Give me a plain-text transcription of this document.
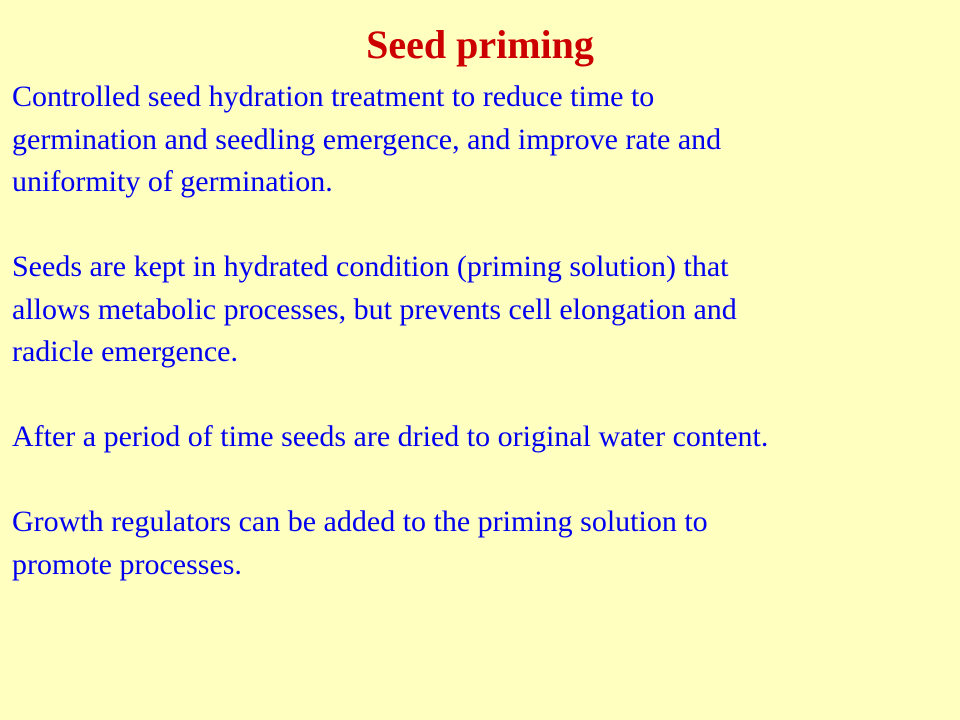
Seed priming

Controlled seed hydration treatment to reduce time to
germination and seedling emergence, and improve rate and
uniformity of germination.

Seeds are kept in hydrated condition (priming solution) that
allows metabolic processes, but prevents cell elongation and
radicle emergence.

After a period of time seeds are dried to original water content.

Growth regulators can be added to the priming solution to
promote processes.
